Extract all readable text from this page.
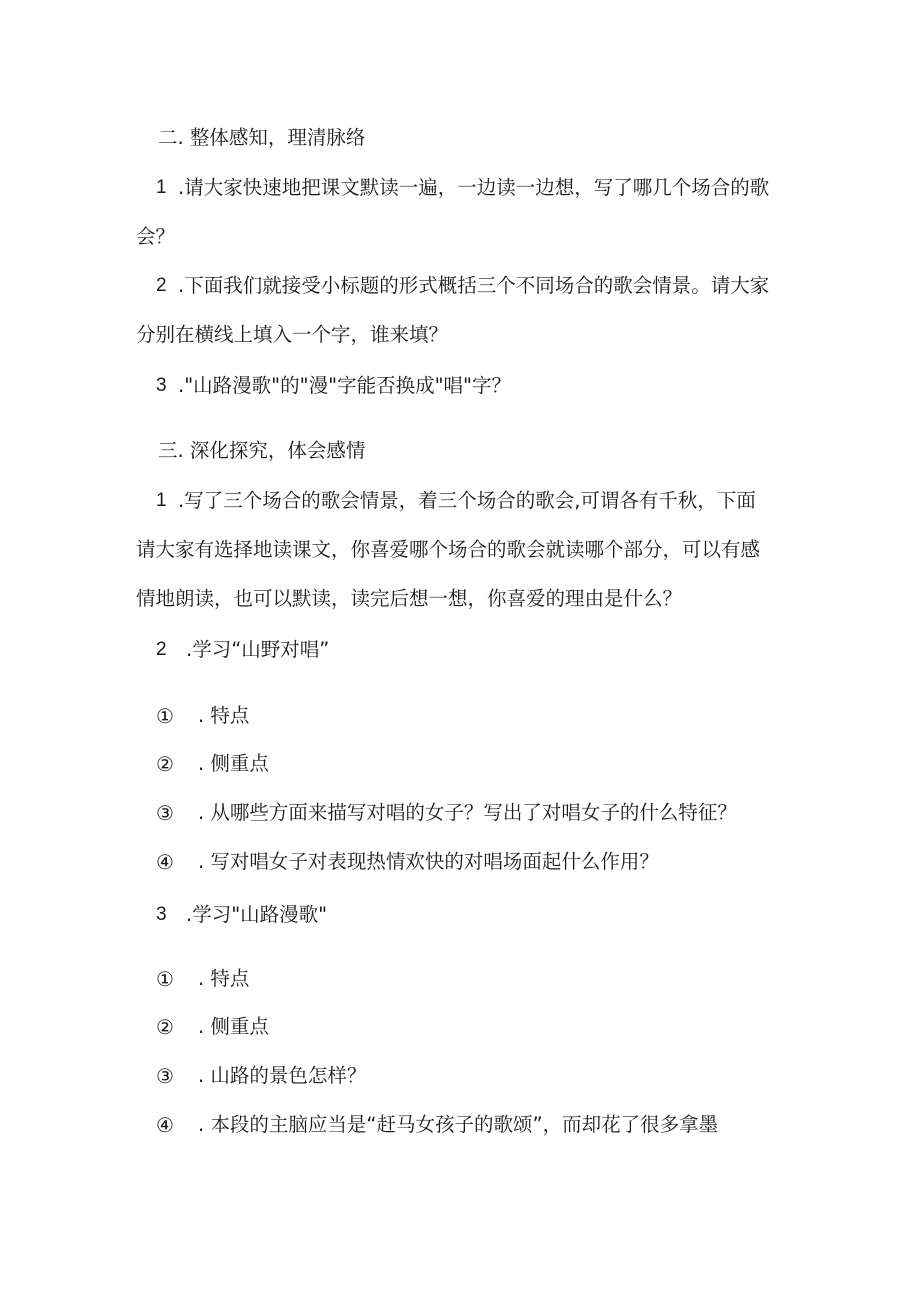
二. 整体感知，理清脉络
1 .请大家快速地把课文默读一遍，一边读一边想，写了哪几个场合的歌
会？
2 .下面我们就接受小标题的形式概括三个不同场合的歌会情景。请大家
分别在横线上填入一个字，谁来填？
3 ."山路漫歌"的"漫"字能否换成"唱"字？
三. 深化探究，体会感情
1 .写了三个场合的歌会情景，着三个场合的歌会,可谓各有千秋，下面
请大家有选择地读课文，你喜爱哪个场合的歌会就读哪个部分，可以有感
情地朗读，也可以默读，读完后想一想，你喜爱的理由是什么？
2 .学习“山野对唱”
① . 特点
② . 侧重点
③ . 从哪些方面来描写对唱的女子？写出了对唱女子的什么特征？
④ . 写对唱女子对表现热情欢快的对唱场面起什么作用？
3 .学习"山路漫歌"
① . 特点
② . 侧重点
③ . 山路的景色怎样？
④ . 本段的主脑应当是“赶马女孩子的歌颂”，而却花了很多拿墨
